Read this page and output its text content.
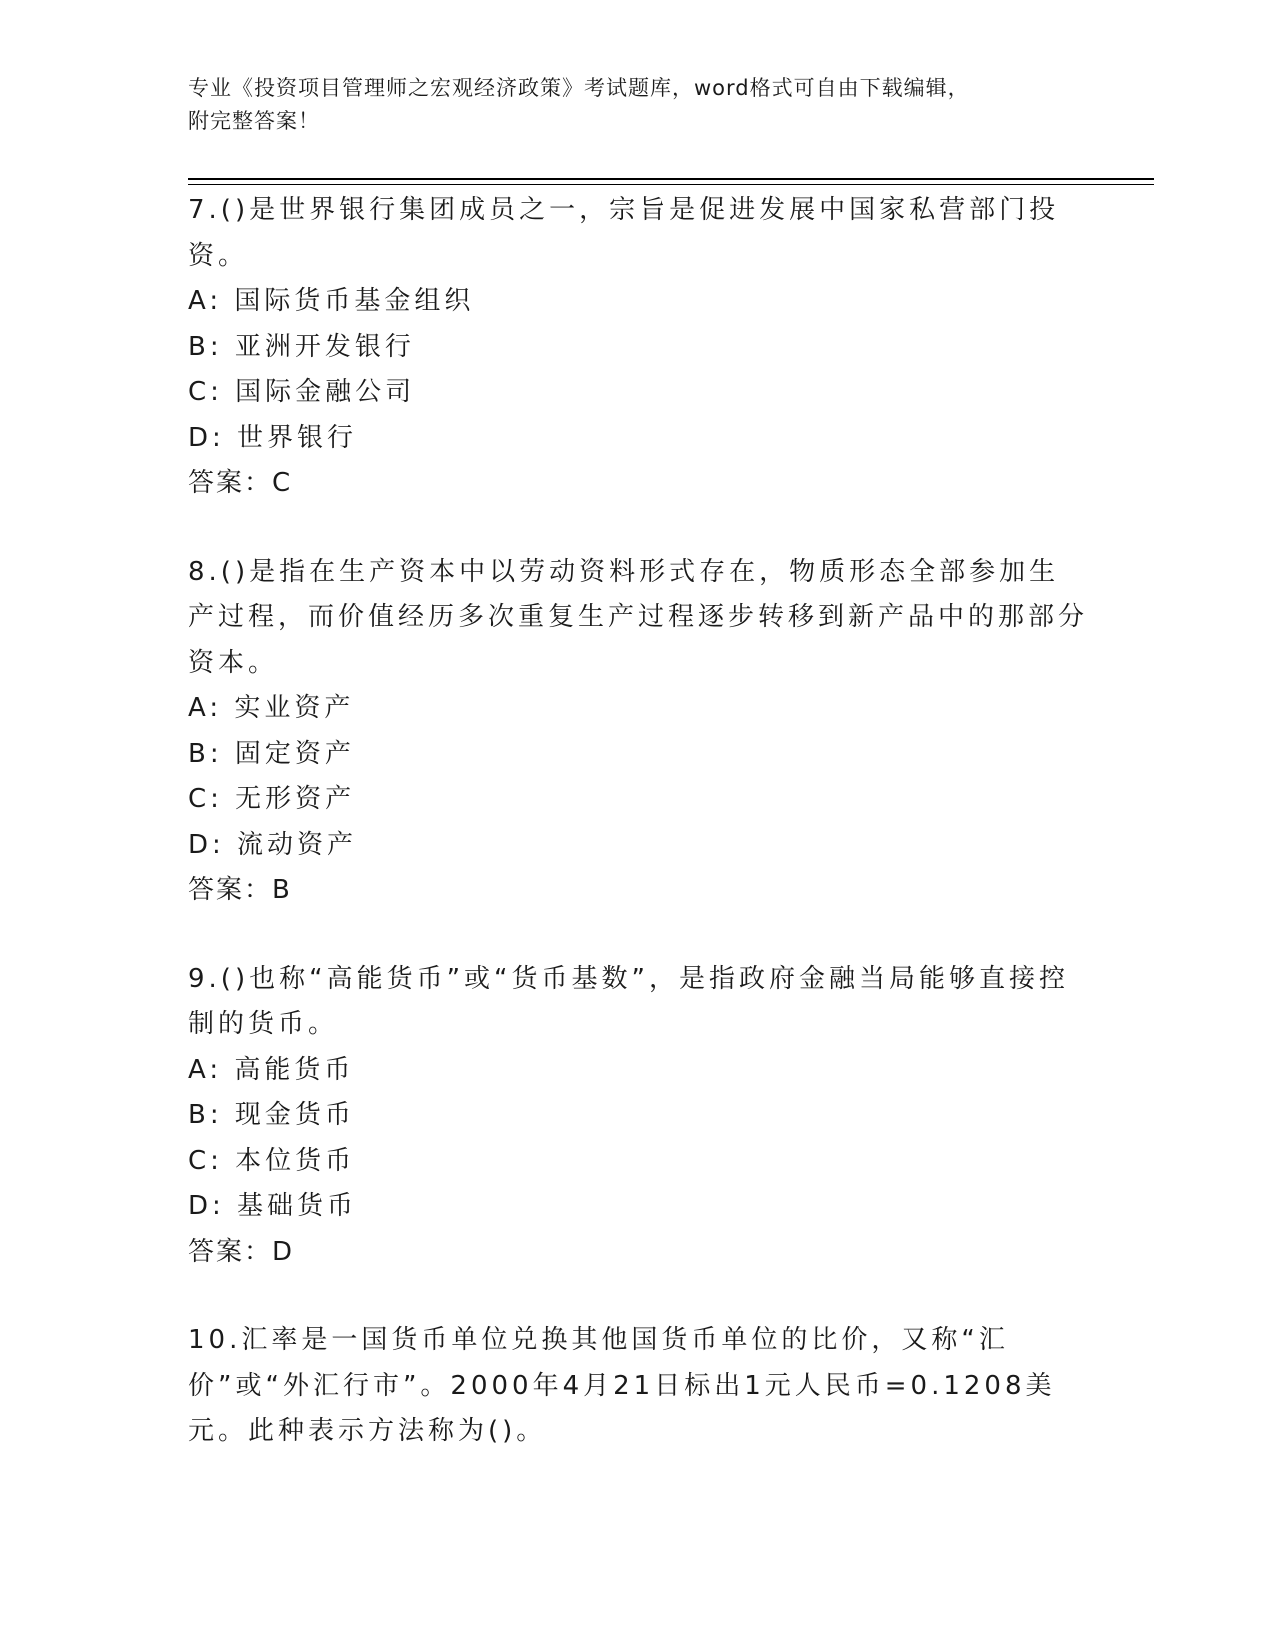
专业《投资项目管理师之宏观经济政策》考试题库，word格式可自由下载编辑，
附完整答案！

7.()是世界银行集团成员之一，宗旨是促进发展中国家私营部门投资。

A: 国际货币基金组织

B: 亚洲开发银行

C: 国际金融公司

D: 世界银行

答案：C

8.()是指在生产资本中以劳动资料形式存在，物质形态全部参加生产过程，而价值经历多次重复生产过程逐步转移到新产品中的那部分资本。

A: 实业资产

B: 固定资产

C: 无形资产

D: 流动资产

答案：B

9.()也称“高能货币”或“货币基数”，是指政府金融当局能够直接控制的货币。

A: 高能货币

B: 现金货币

C: 本位货币

D: 基础货币

答案：D

10.汇率是一国货币单位兑换其他国货币单位的比价，又称“汇价”或“外汇行市”。2000年4月21日标出1元人民币=0.1208美元。此种表示方法称为()。
